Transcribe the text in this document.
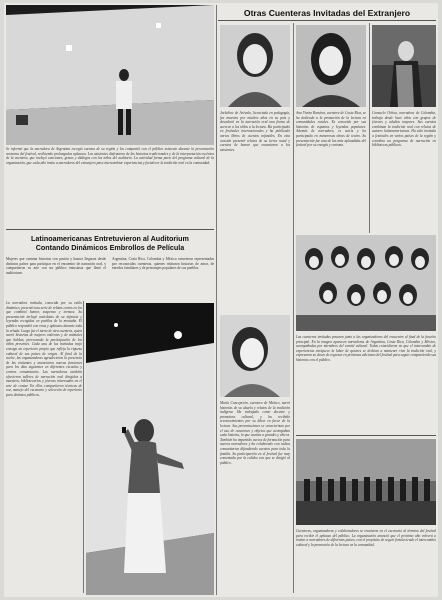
Se informó que la narradora de Argentina escogió cuentos de su región y los compartió con el público asistente durante la presentación nocturna del festival, recibiendo prolongados aplausos. Los asistentes disfrutaron de las historias tradicionales y de la interpretación escénica de la cuentera, que incluyó canciones, gestos y diálogos con los niños del auditorio. La actividad forma parte del programa cultural de la organización, que cada año invita a narradores del extranjero para intercambiar experiencias y fortalecer la tradición oral en la comunidad.
Latinoamericanas Entretuvieron al Auditorium
Contando Dinámicos Embrollos de Película
Mujeres que cuentan historias con pasión y humor llegaron desde distintos países para participar en el encuentro de narración oral, y compartieron su arte con un público entusiasta que llenó el auditorium.
Argentina, Costa Rica, Colombia y México estuvieron representadas por reconocidas cuenteras, quienes relataron historias de amor, de enredos familiares y de personajes populares de sus pueblos.
La narradora invitada, conocida por su estilo dinámico, presentó una serie de relatos cortos en los que combinó humor, suspenso y ternura. Su presentación incluyó anécdotas de su infancia y leyendas recogidas en pueblos de la montaña. El público respondió con risas y aplausos durante toda la velada. Luego fue el turno de otra cuentera, quien narró historias de mujeres valientes y de animales que hablan, provocando la participación de los niños presentes. Cada una de las invitadas trajo consigo un repertorio propio que refleja la riqueza cultural de sus países de origen. Al final de la noche, las organizadoras agradecieron la presencia de las visitantes y anunciaron nuevas funciones para los días siguientes en diferentes escuelas y centros comunitarios. Las narradoras también ofrecieron talleres de narración oral dirigidos a maestros, bibliotecarios y jóvenes interesados en el arte de contar. En ellos compartieron técnicas de voz, manejo del escenario y selección de repertorio para distintos públicos.
Otras Cuenteras Invitadas del Extranjero
Jackeline de Arévalo, licenciada en pedagogía, fue maestra por muchos años en su país y descubrió en la narración oral una forma de acercar a los niños a la lectura. Ha participado en festivales internacionales y ha publicado varios libros de cuentos infantiles. En esta ocasión presentó relatos de su tierra natal y cuentos de humor que encantaron a los asistentes.
Ana Vivian Ramírez, cuentera de Costa Rica, se ha dedicado a la promoción de la lectura en comunidades rurales. Es conocida por sus historias de espantos y leyendas populares. Además de narradora, es actriz y ha participado en numerosas obras de teatro. Su presentación fue una de las más aplaudidas del festival por su energía y carisma.
Consuelo Ochoa, narradora de Colombia, trabaja desde hace años con grupos de jóvenes y adultos mayores. Sus cuentos combinan la tradición oral con relatos de autores latinoamericanos. Ha sido invitada a festivales en varios países de la región y coordina un programa de narración en bibliotecas públicas.
María Concepción, cuentera de México, narró historias de su abuela y relatos de la tradición indígena. Ha trabajado como docente y promotora cultural, y ha recibido reconocimientos por su labor en favor de la lectura. Sus presentaciones se caracterizan por el uso de canciones y objetos que acompañan cada historia, lo que cautiva a grandes y chicos. También ha impartido cursos de formación para nuevos narradores y ha colaborado con radios comunitarias difundiendo cuentos para toda la familia. Su participación en el festival fue muy comentada por la calidez con que se dirigió al público.
Las cuenteras invitadas posaron junto a las organizadoras del encuentro al final de la función principal. En la imagen aparecen narradoras de Argentina, Costa Rica, Colombia y México, acompañadas por miembros del comité cultural. Todas coincidieron en que el intercambio de experiencias enriquece la labor de quienes se dedican a mantener viva la tradición oral, y expresaron su deseo de regresar en próximas ediciones del festival para seguir compartiendo sus historias con el público.
Cuenteras, organizadoras y colaboradores se reunieron en el escenario al término del festival para recibir el aplauso del público. La organización anunció que el próximo año volverá a invitar a narradores de diferentes países, con el propósito de seguir fortaleciendo el intercambio cultural y la promoción de la lectura en la comunidad.
